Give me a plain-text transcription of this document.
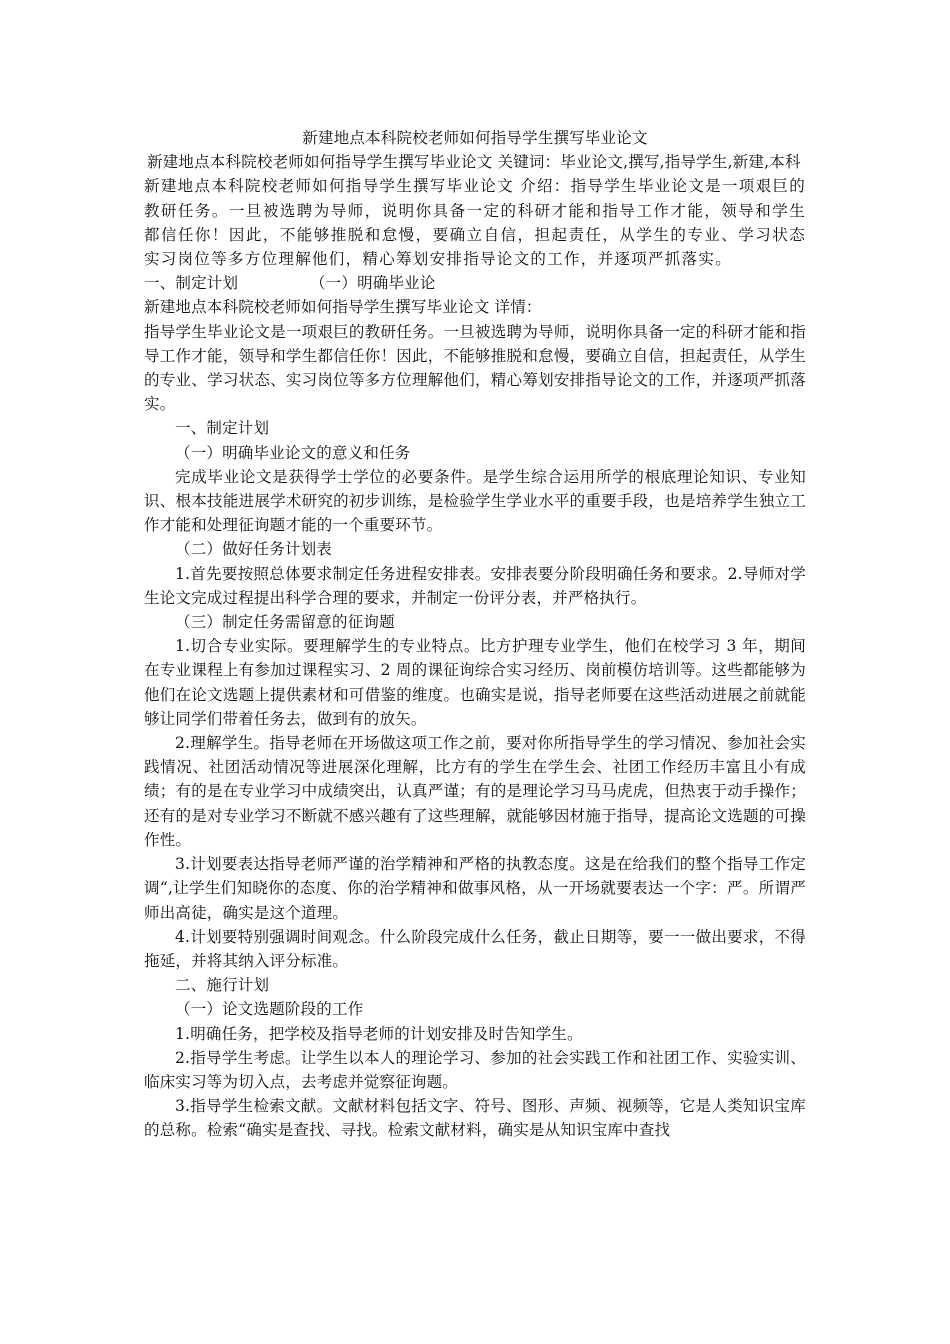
新建地点本科院校老师如何指导学生撰写毕业论文

新建地点本科院校老师如何指导学生撰写毕业论文 关键词：毕业论文,撰写,指导学生,新建,本科

新建地点本科院校老师如何指导学生撰写毕业论文 介绍：指导学生毕业论文是一项艰巨的教研任务。一旦被选聘为导师，说明你具备一定的科研才能和指导工作才能，领导和学生都信任你！因此，不能够推脱和怠慢，要确立自信，担起责任，从学生的专业、学习状态实习岗位等多方位理解他们，精心筹划安排指导论文的工作，并逐项严抓落实。

一、制定计划              （一）明确毕业论

新建地点本科院校老师如何指导学生撰写毕业论文 详情：

指导学生毕业论文是一项艰巨的教研任务。一旦被选聘为导师，说明你具备一定的科研才能和指导工作才能，领导和学生都信任你！因此，不能够推脱和怠慢，要确立自信，担起责任，从学生的专业、学习状态、实习岗位等多方位理解他们，精心筹划安排指导论文的工作，并逐项严抓落实。

一、制定计划

（一）明确毕业论文的意义和任务

完成毕业论文是获得学士学位的必要条件。是学生综合运用所学的根底理论知识、专业知识、根本技能进展学术研究的初步训练，是检验学生学业水平的重要手段，也是培养学生独立工作才能和处理征询题才能的一个重要环节。

（二）做好任务计划表

1.首先要按照总体要求制定任务进程安排表。安排表要分阶段明确任务和要求。2.导师对学生论文完成过程提出科学合理的要求，并制定一份评分表，并严格执行。

（三）制定任务需留意的征询题

1.切合专业实际。要理解学生的专业特点。比方护理专业学生，他们在校学习 3 年，期间在专业课程上有参加过课程实习、2 周的课征询综合实习经历、岗前模仿培训等。这些都能够为他们在论文选题上提供素材和可借鉴的维度。也确实是说，指导老师要在这些活动进展之前就能够让同学们带着任务去，做到有的放矢。

2.理解学生。指导老师在开场做这项工作之前，要对你所指导学生的学习情况、参加社会实践情况、社团活动情况等进展深化理解，比方有的学生在学生会、社团工作经历丰富且小有成绩；有的是在专业学习中成绩突出，认真严谨；有的是理论学习马马虎虎，但热衷于动手操作；还有的是对专业学习不断就不感兴趣有了这些理解，就能够因材施于指导，提高论文选题的可操作性。

3.计划要表达指导老师严谨的治学精神和严格的执教态度。这是在给我们的整个指导工作定调“,让学生们知晓你的态度、你的治学精神和做事风格，从一开场就要表达一个字：严。所谓严师出高徒，确实是这个道理。

4.计划要特别强调时间观念。什么阶段完成什么任务，截止日期等，要一一做出要求，不得拖延，并将其纳入评分标准。

二、施行计划

（一）论文选题阶段的工作

1.明确任务，把学校及指导老师的计划安排及时告知学生。

2.指导学生考虑。让学生以本人的理论学习、参加的社会实践工作和社团工作、实验实训、临床实习等为切入点，去考虑并觉察征询题。

3.指导学生检索文献。文献材料包括文字、符号、图形、声频、视频等，它是人类知识宝库的总称。检索“确实是查找、寻找。检索文献材料，确实是从知识宝库中查找
